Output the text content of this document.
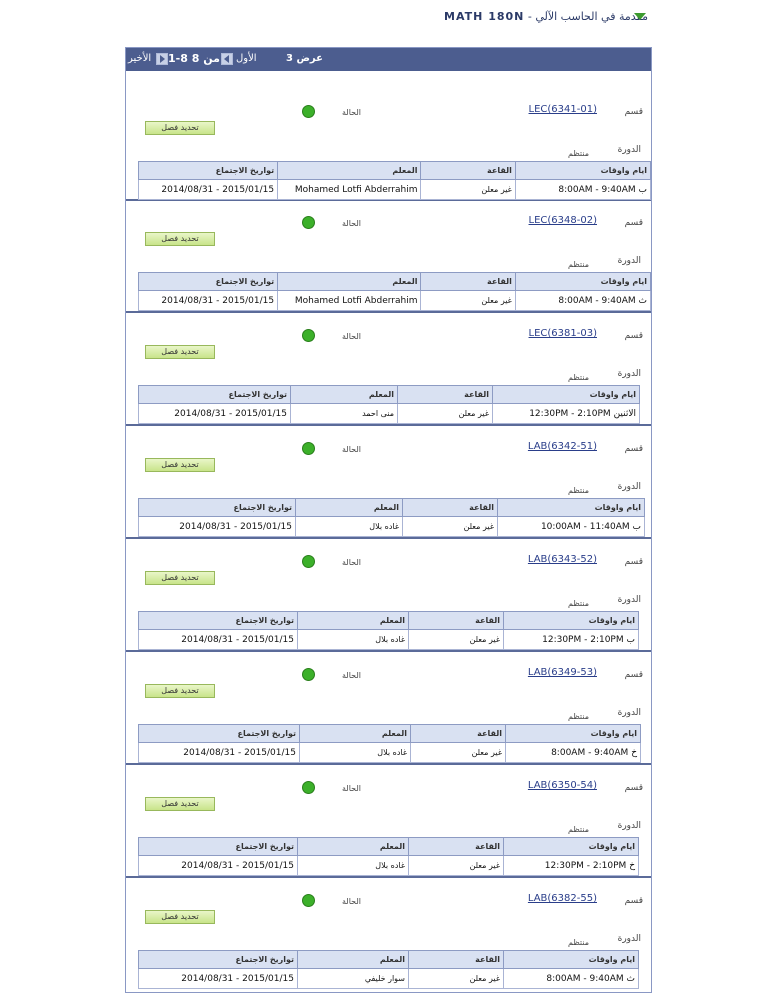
MATH 180N - مقدمة في الحاسب الآلي
الأخير 1-8 من 8 الأول	عرض 3
قسم
LEC(6341-01)
الحالة
تحديد فصل
الدورة
منتظم
ايام واوقات	القاعة	المعلم	تواريخ الاجتماع
ب 8:00AM - 9:40AM	غير معلن	Mohamed Lotfi Abderrahim	2014/08/31 - 2015/01/15
قسم
LEC(6348-02)
الحالة
تحديد فصل
الدورة
منتظم
ايام واوقات	القاعة	المعلم	تواريخ الاجتماع
ث 8:00AM - 9:40AM	غير معلن	Mohamed Lotfi Abderrahim	2014/08/31 - 2015/01/15
قسم
LEC(6381-03)
الحالة
تحديد فصل
الدورة
منتظم
ايام واوقات	القاعة	المعلم	تواريخ الاجتماع
الاثنين 12:30PM - 2:10PM	غير معلن	منى احمد	2014/08/31 - 2015/01/15
قسم
LAB(6342-51)
الحالة
تحديد فصل
الدورة
منتظم
ايام واوقات	القاعة	المعلم	تواريخ الاجتماع
ب 10:00AM - 11:40AM	غير معلن	غاده بلال	2014/08/31 - 2015/01/15
قسم
LAB(6343-52)
الحالة
تحديد فصل
الدورة
منتظم
ايام واوقات	القاعة	المعلم	تواريخ الاجتماع
ب 12:30PM - 2:10PM	غير معلن	غاده بلال	2014/08/31 - 2015/01/15
قسم
LAB(6349-53)
الحالة
تحديد فصل
الدورة
منتظم
ايام واوقات	القاعة	المعلم	تواريخ الاجتماع
خ 8:00AM - 9:40AM	غير معلن	غاده بلال	2014/08/31 - 2015/01/15
قسم
LAB(6350-54)
الحالة
تحديد فصل
الدورة
منتظم
ايام واوقات	القاعة	المعلم	تواريخ الاجتماع
خ 12:30PM - 2:10PM	غير معلن	غاده بلال	2014/08/31 - 2015/01/15
قسم
LAB(6382-55)
الحالة
تحديد فصل
الدورة
منتظم
ايام واوقات	القاعة	المعلم	تواريخ الاجتماع
ث 8:00AM - 9:40AM	غير معلن	سوار خليفي	2014/08/31 - 2015/01/15
